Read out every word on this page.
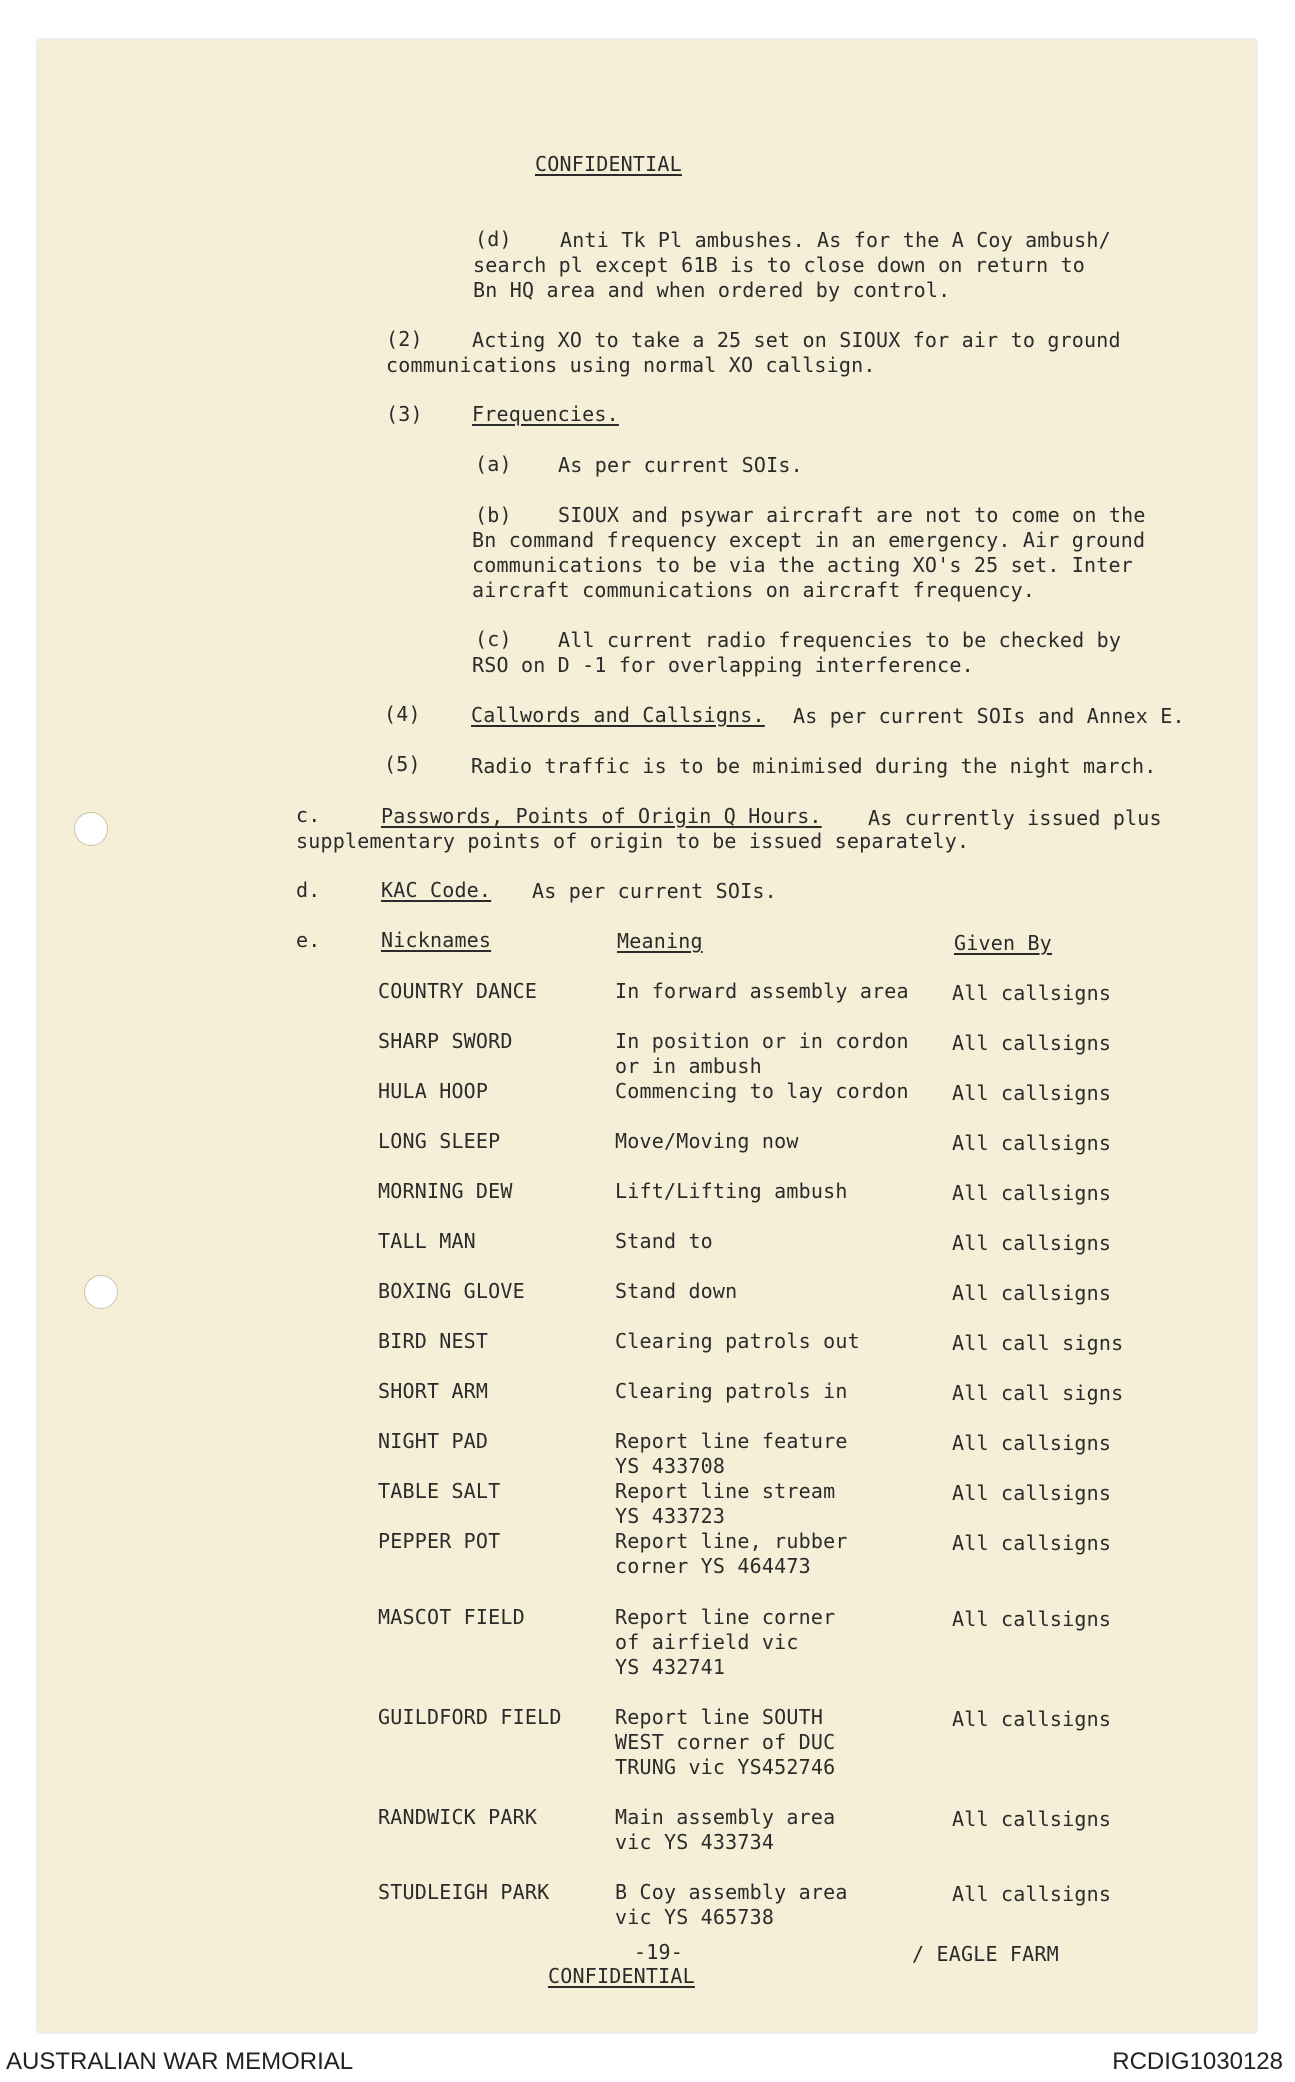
CONFIDENTIAL
(d) Anti Tk Pl ambushes. As for the A Coy ambush/
search pl except 61B is to close down on return to
Bn HQ area and when ordered by control.
(2) Acting XO to take a 25 set on SIOUX for air to ground
communications using normal XO callsign.
(3) Frequencies.
(a) As per current SOIs.
(b) SIOUX and psywar aircraft are not to come on the
Bn command frequency except in an emergency. Air ground
communications to be via the acting XO's 25 set. Inter
aircraft communications on aircraft frequency.
(c) All current radio frequencies to be checked by
RSO on D -1 for overlapping interference.
(4)	Callwords and Callsigns. As per current SOIs and Annex E.
(5)	Radio traffic is to be minimised during the night march.
c.	Passwords, Points of Origin Q Hours. As currently issued plus
supplementary points of origin to be issued separately.
d.	KAC Code. As per current SOIs.
e.	Nicknames	Meaning	Given By
COUNTRY DANCE	In forward assembly area All callsigns
SHARP SWORD	In position or in cordon
or in ambush
All callsigns
HULA HOOP	Commencing to lay cordon All callsigns
LONG SLEEP	Move/Moving now	All callsigns
MORNING DEW	Lift/Lifting ambush	All callsigns
TALL MAN	Stand to	All callsigns
BOXING GLOVE	Stand down	All callsigns
BIRD NEST	Clearing patrols out	All call signs
SHORT ARM	Clearing patrols in	All call signs
NIGHT PAD	Report line feature
YS 433708
All callsigns
TABLE SALT	Report line stream
YS 433723
All callsigns
PEPPER POT	Report line, rubber
corner YS 464473
All callsigns
MASCOT FIELD	Report line corner
of airfield vic
YS 432741
All callsigns
GUILDFORD FIELD	Report line SOUTH
WEST corner of DUC
TRUNG vic YS452746
All callsigns
RANDWICK PARK	Main assembly area
vic YS 433734
All callsigns
STUDLEIGH PARK	B Coy assembly area
vic YS 465738
All callsigns
-19-
CONFIDENTIAL
/ EAGLE FARM
AUSTRALIAN WAR MEMORIAL	RCDIG1030128
